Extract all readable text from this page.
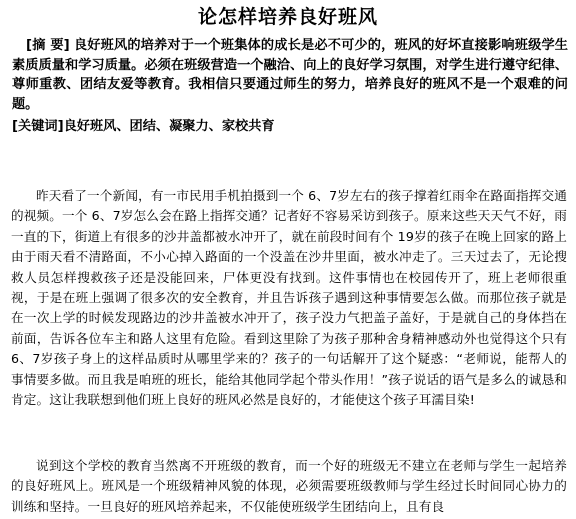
论怎样培养良好班风
[摘 要] 良好班风的培养对于一个班集体的成长是必不可少的，班风的好坏直接影响班级学生素质质量和学习质量。必须在班级营造一个融洽、向上的良好学习氛围，对学生进行遵守纪律、尊师重教、团结友爱等教育。我相信只要通过师生的努力，培养良好的班风不是一个艰难的问题。
[关键词]良好班风、团结、凝聚力、家校共育
昨天看了一个新闻，有一市民用手机拍摄到一个 6、7岁左右的孩子撑着红雨伞在路面指挥交通的视频。一个 6、7岁怎么会在路上指挥交通？记者好不容易采访到孩子。原来这些天天气不好，雨一直的下，街道上有很多的沙井盖都被水冲开了，就在前段时间有个 19岁的孩子在晚上回家的路上由于雨天看不清路面，不小心掉入路面的一个没盖在沙井里面，被水冲走了。三天过去了，无论搜救人员怎样搜救孩子还是没能回来，尸体更没有找到。这件事情也在校园传开了，班上老师很重视，于是在班上强调了很多次的安全教育，并且告诉孩子遇到这种事情要怎么做。而那位孩子就是在一次上学的时候发现路边的沙井盖被水冲开了，孩子没力气把盖子盖好，于是就自己的身体挡在前面，告诉各位车主和路人这里有危险。看到这里除了为孩子那种舍身精神感动外也觉得这个只有 6、7岁孩子身上的这样品质时从哪里学来的？孩子的一句话解开了这个疑惑：“老师说，能帮人的事情要多做。而且我是咱班的班长，能给其他同学起个带头作用！”孩子说话的语气是多么的诚恳和肯定。这让我联想到他们班上良好的班风必然是良好的，才能使这个孩子耳濡目染!
说到这个学校的教育当然离不开班级的教育，而一个好的班级无不建立在老师与学生一起培养的良好班风上。班风是一个班级精神风貌的体现，必须需要班级教师与学生经过长时间同心协力的训练和坚持。一旦良好的班风培养起来，不仅能使班级学生团结向上，且有良
